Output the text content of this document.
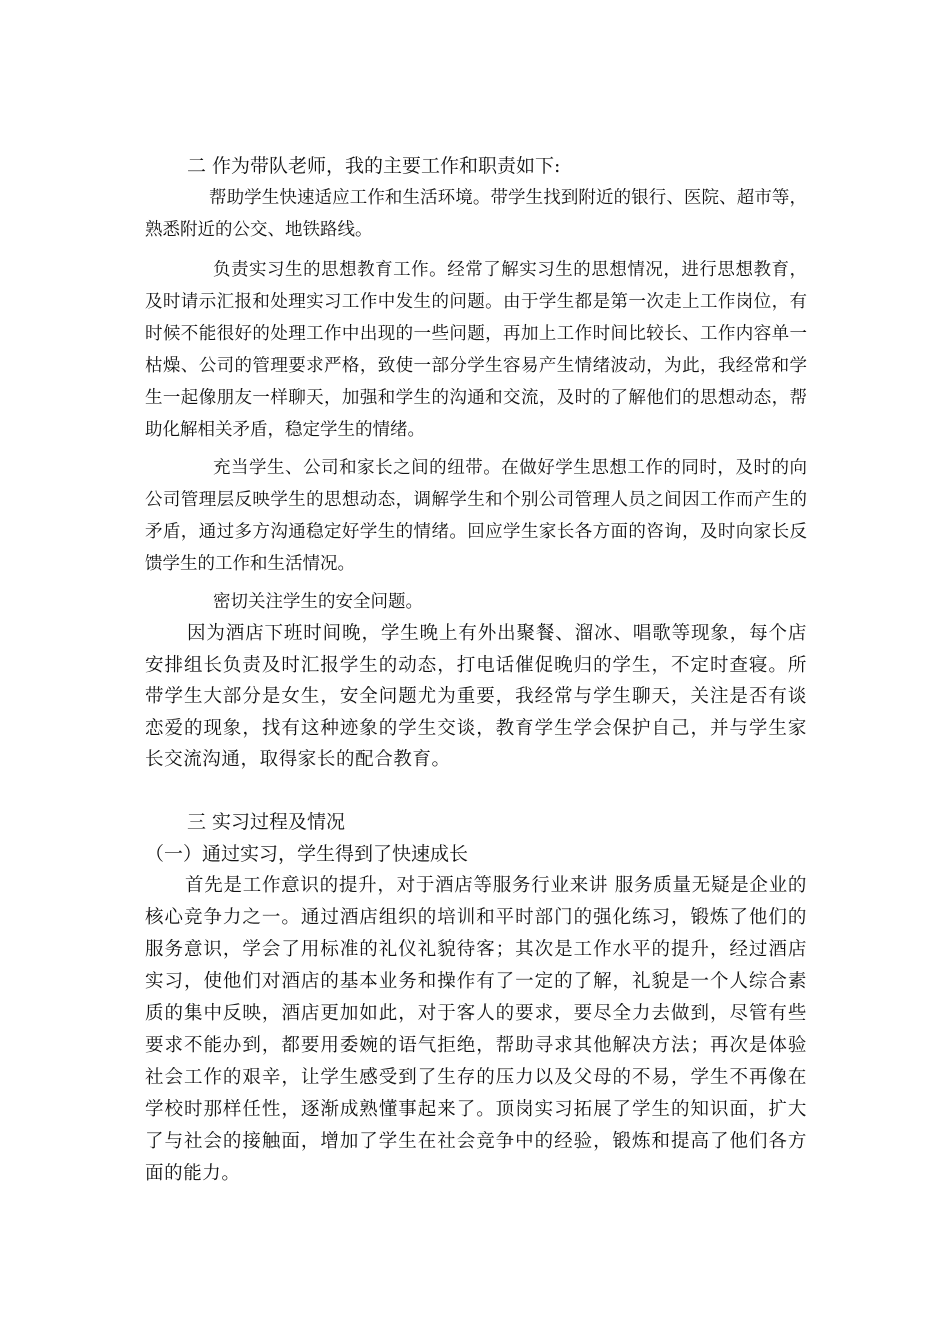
二 作为带队老师，我的主要工作和职责如下:

帮助学生快速适应工作和生活环境。带学生找到附近的银行、医院、超市等，熟悉附近的公交、地铁路线。

负责实习生的思想教育工作。经常了解实习生的思想情况，进行思想教育，及时请示汇报和处理实习工作中发生的问题。由于学生都是第一次走上工作岗位，有时候不能很好的处理工作中出现的一些问题，再加上工作时间比较长、工作内容单一枯燥、公司的管理要求严格，致使一部分学生容易产生情绪波动，为此，我经常和学生一起像朋友一样聊天，加强和学生的沟通和交流，及时的了解他们的思想动态，帮助化解相关矛盾，稳定学生的情绪。

充当学生、公司和家长之间的纽带。在做好学生思想工作的同时，及时的向公司管理层反映学生的思想动态，调解学生和个别公司管理人员之间因工作而产生的矛盾，通过多方沟通稳定好学生的情绪。回应学生家长各方面的咨询，及时向家长反馈学生的工作和生活情况。

密切关注学生的安全问题。

因为酒店下班时间晚，学生晚上有外出聚餐、溜冰、唱歌等现象，每个店安排组长负责及时汇报学生的动态，打电话催促晚归的学生，不定时查寝。所带学生大部分是女生，安全问题尤为重要，我经常与学生聊天，关注是否有谈恋爱的现象，找有这种迹象的学生交谈，教育学生学会保护自己，并与学生家长交流沟通，取得家长的配合教育。

三 实习过程及情况
（一）通过实习，学生得到了快速成长

首先是工作意识的提升，对于酒店等服务行业来讲 服务质量无疑是企业的核心竞争力之一。通过酒店组织的培训和平时部门的强化练习，锻炼了他们的服务意识，学会了用标准的礼仪礼貌待客；其次是工作水平的提升，经过酒店实习，使他们对酒店的基本业务和操作有了一定的了解，礼貌是一个人综合素质的集中反映，酒店更加如此，对于客人的要求，要尽全力去做到，尽管有些要求不能办到，都要用委婉的语气拒绝，帮助寻求其他解决方法；再次是体验社会工作的艰辛，让学生感受到了生存的压力以及父母的不易，学生不再像在学校时那样任性，逐渐成熟懂事起来了。顶岗实习拓展了学生的知识面，扩大了与社会的接触面，增加了学生在社会竞争中的经验，锻炼和提高了他们各方面的能力。
